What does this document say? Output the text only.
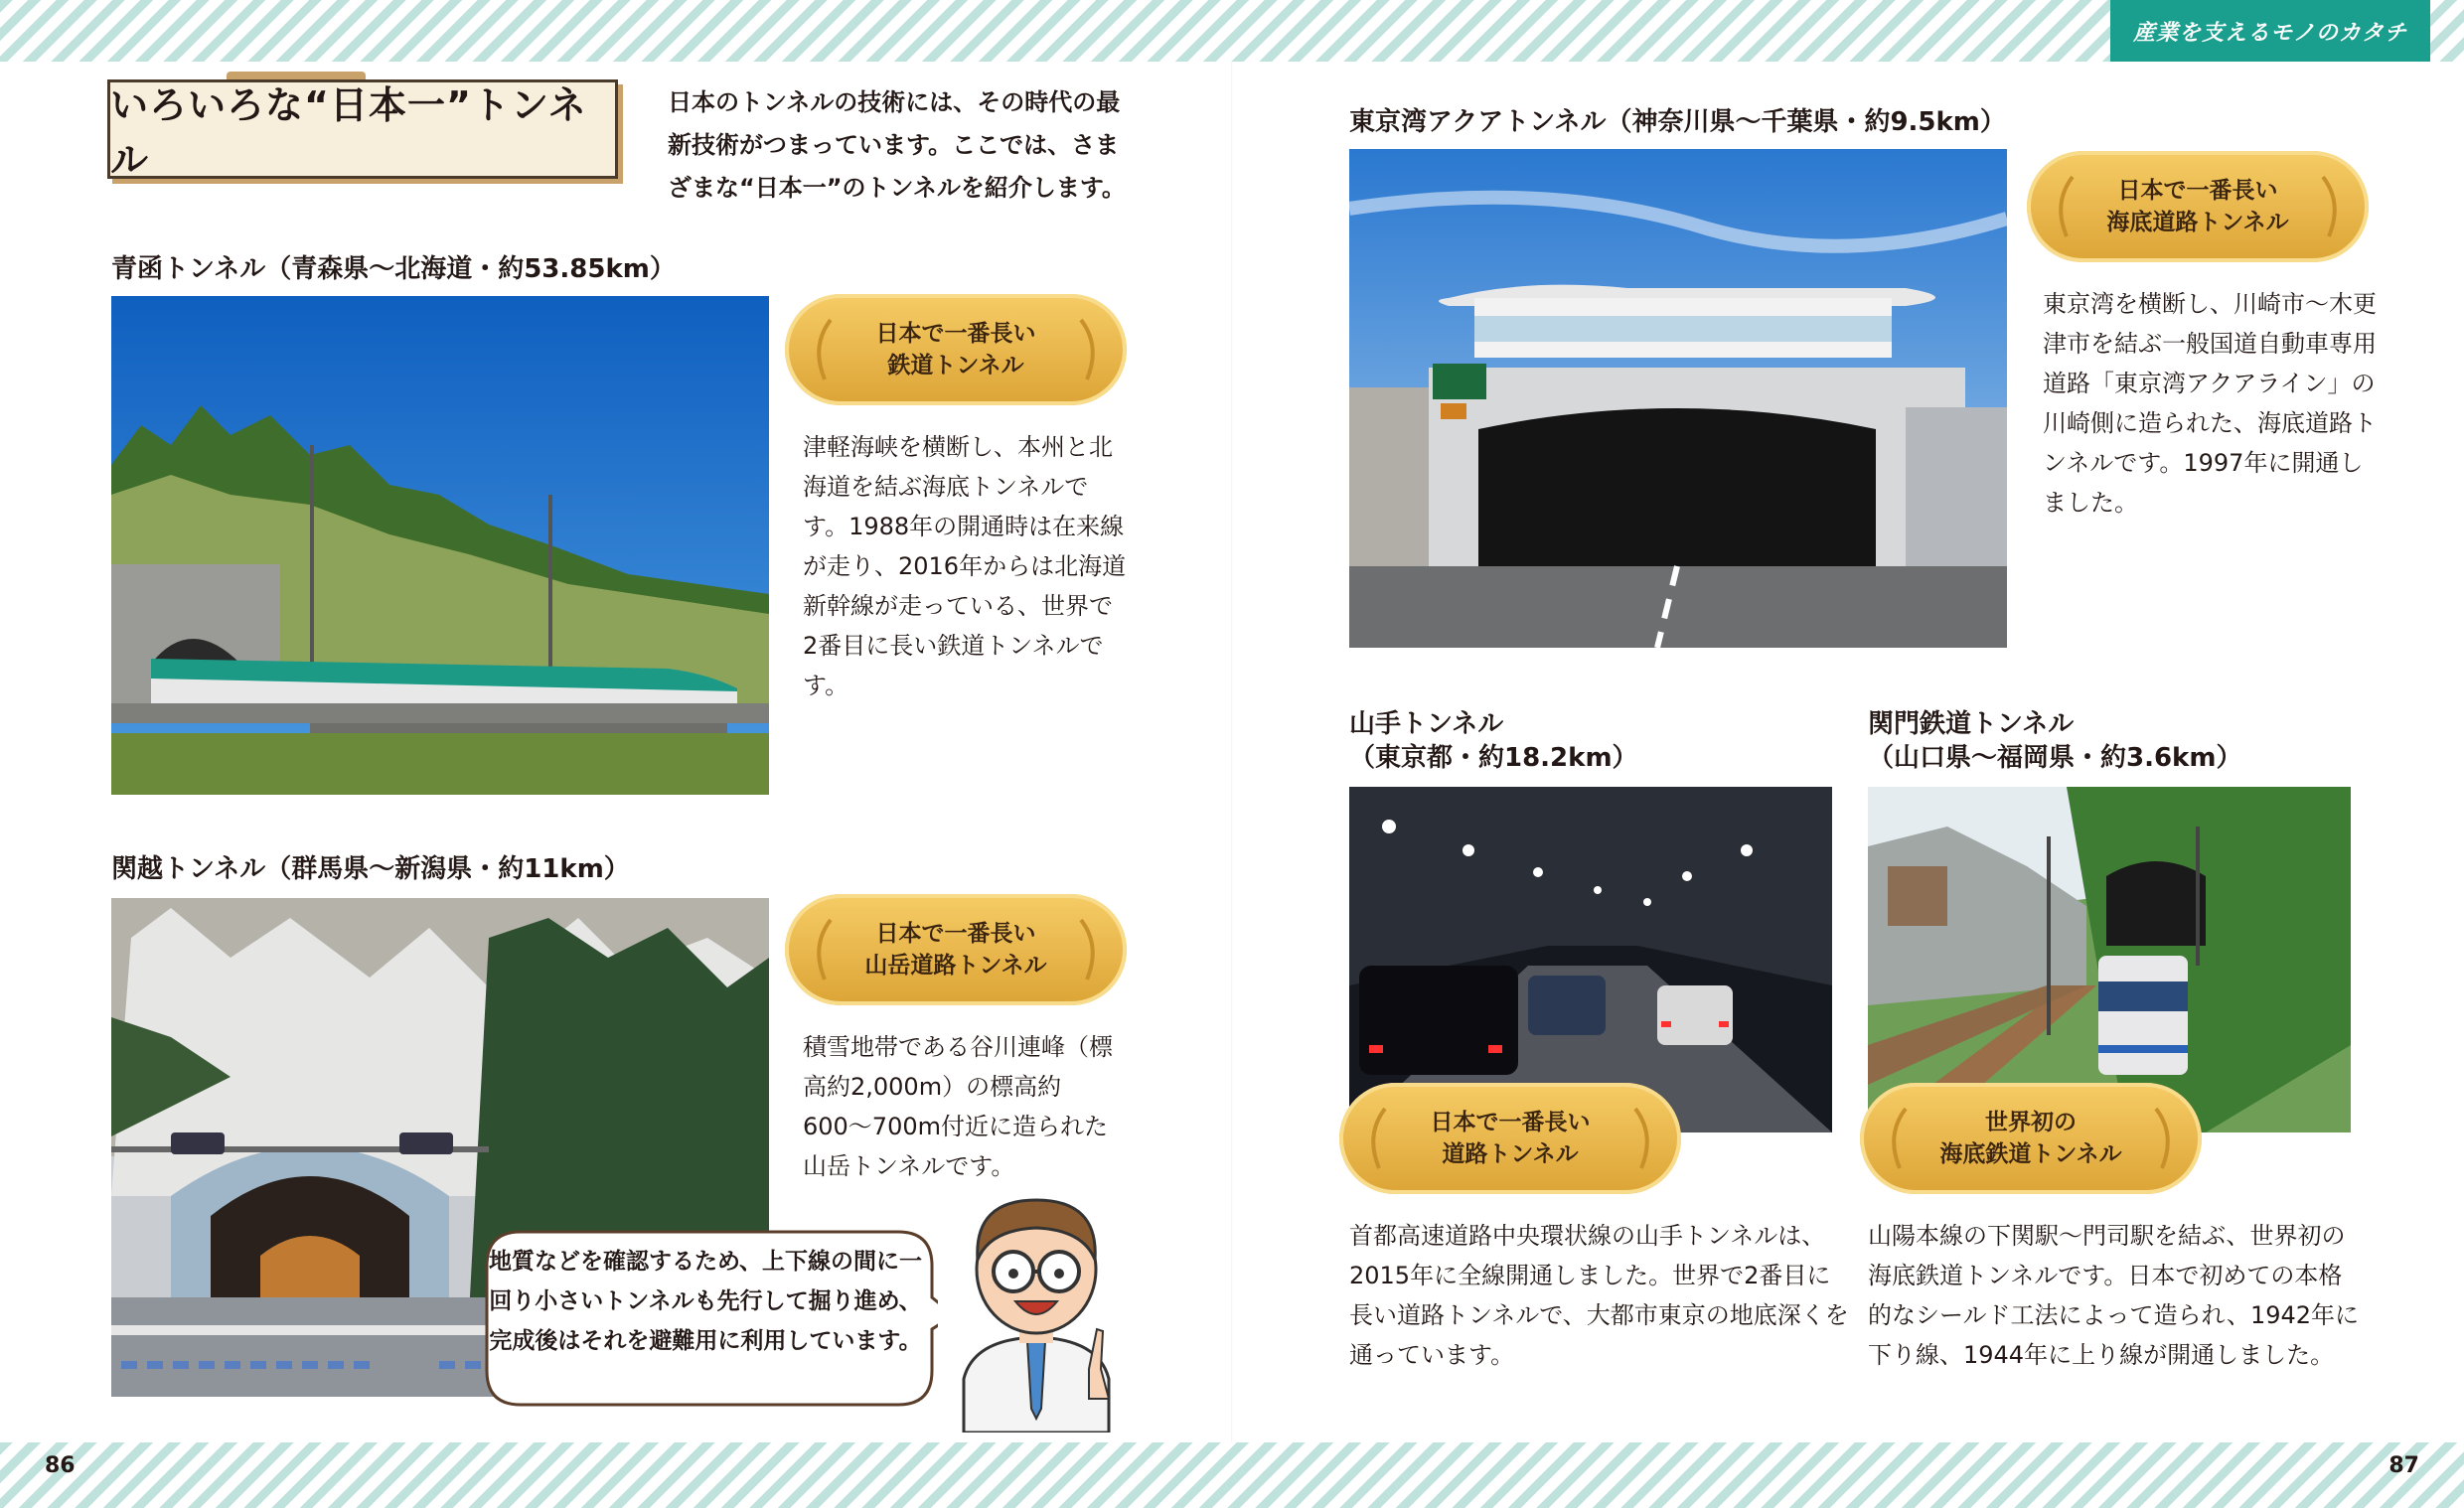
産業を支えるモノのカタチ
86	87
いろいろな“日本一”トンネル
日本のトンネルの技術には、その時代の最新技術がつまっています。ここでは、さまざまな“日本一”のトンネルを紹介します。
青函トンネル（青森県〜北海道・約53.85km）
日本で一番長い
鉄道トンネル
津軽海峡を横断し、本州と北海道を結ぶ海底トンネルです。1988年の開通時は在来線が走り、2016年からは北海道新幹線が走っている、世界で2番目に長い鉄道トンネルです。
関越トンネル（群馬県〜新潟県・約11km）
日本で一番長い
山岳道路トンネル
積雪地帯である谷川連峰（標高約2,000m）の標高約600〜700m付近に造られた山岳トンネルです。
地質などを確認するため、上下線の間に一回り小さいトンネルも先行して掘り進め、完成後はそれを避難用に利用しています。
東京湾アクアトンネル（神奈川県〜千葉県・約9.5km）
日本で一番長い
海底道路トンネル
東京湾を横断し、川崎市〜木更津市を結ぶ一般国道自動車専用道路「東京湾アクアライン」の川崎側に造られた、海底道路トンネルです。1997年に開通しました。
山手トンネル
（東京都・約18.2km）
日本で一番長い
道路トンネル
首都高速道路中央環状線の山手トンネルは、2015年に全線開通しました。世界で2番目に長い道路トンネルで、大都市東京の地底深くを通っています。
関門鉄道トンネル
（山口県〜福岡県・約3.6km）
世界初の
海底鉄道トンネル
山陽本線の下関駅〜門司駅を結ぶ、世界初の海底鉄道トンネルです。日本で初めての本格的なシールド工法によって造られ、1942年に下り線、1944年に上り線が開通しました。
